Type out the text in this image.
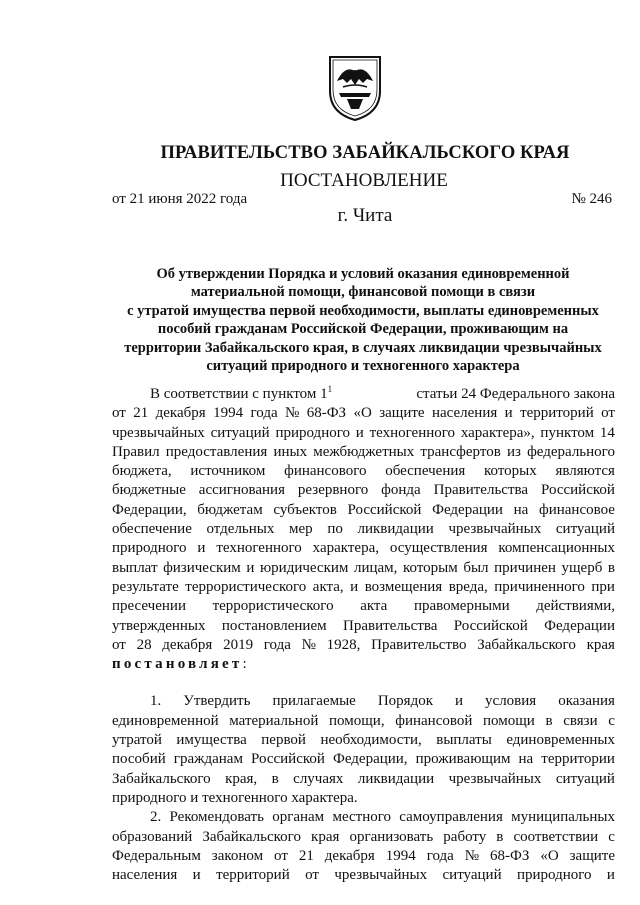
ПРАВИТЕЛЬСТВО ЗАБАЙКАЛЬСКОГО КРАЯ
ПОСТАНОВЛЕНИЕ
от 21 июня 2022 года	№ 246
г. Чита
Об утверждении Порядка и условий оказания единовременной
материальной помощи, финансовой помощи в связи
с утратой имущества первой необходимости, выплаты единовременных
пособий гражданам Российской Федерации, проживающим на
территории Забайкальского края, в случаях ликвидации чрезвычайных
ситуаций природного и техногенного характера
В соответствии с пунктом 11	статьи 24 Федерального закона
от 21 декабря 1994 года № 68-ФЗ «О защите населения и территорий от
чрезвычайных ситуаций природного и техногенного характера», пунктом 14
Правил предоставления иных межбюджетных трансфертов из федерального
бюджета, источником финансового обеспечения которых являются
бюджетные ассигнования резервного фонда Правительства Российской
Федерации, бюджетам субъектов Российской Федерации на финансовое
обеспечение отдельных мер по ликвидации чрезвычайных ситуаций
природного и техногенного характера, осуществления компенсационных
выплат физическим и юридическим лицам, которым был причинен ущерб в
результате террористического акта, и возмещения вреда, причиненного при
пресечении террористического акта правомерными действиями,
утвержденных постановлением Правительства Российской Федерации
от 28 декабря 2019 года № 1928, Правительство Забайкальского края
постановляет:
1. Утвердить прилагаемые Порядок и условия оказания
единовременной материальной помощи, финансовой помощи в связи с
утратой имущества первой необходимости, выплаты единовременных
пособий гражданам Российской Федерации, проживающим на территории
Забайкальского края, в случаях ликвидации чрезвычайных ситуаций
природного и техногенного характера.
2. Рекомендовать органам местного самоуправления муниципальных
образований Забайкальского края организовать работу в соответствии с
Федеральным законом от 21 декабря 1994 года № 68-ФЗ «О защите
населения и территорий от чрезвычайных ситуаций природного и
